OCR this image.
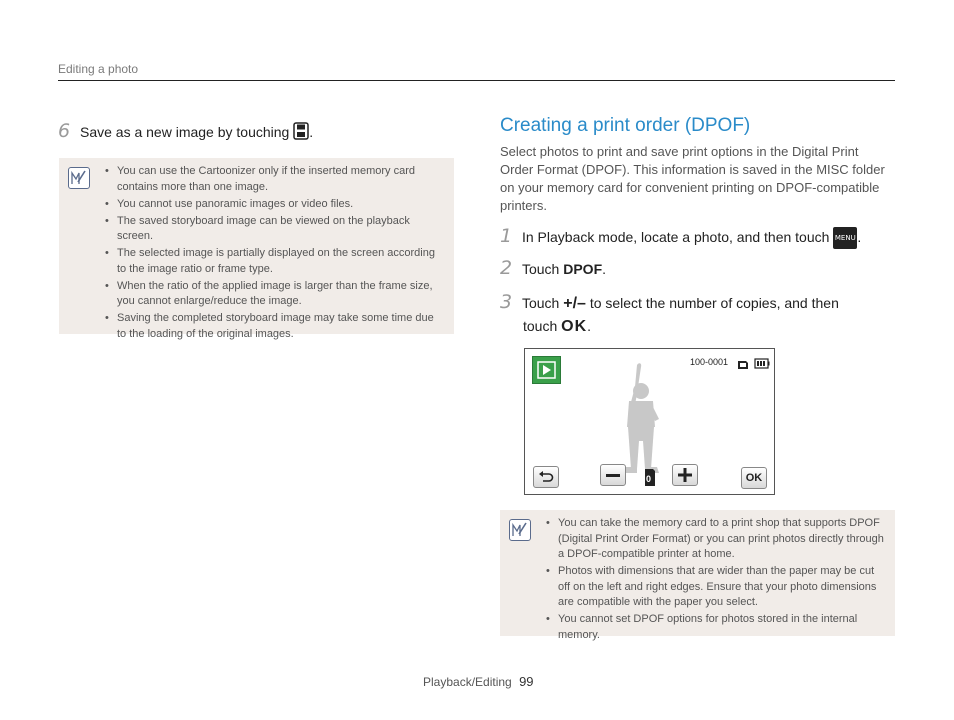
Editing a photo
6 Save as a new image by touching .
• You can use the Cartoonizer only if the inserted memory card contains more than one image.
• You cannot use panoramic images or video files.
• The saved storyboard image can be viewed on the playback screen.
• The selected image is partially displayed on the screen according to the image ratio or frame type.
• When the ratio of the applied image is larger than the frame size, you cannot enlarge/reduce the image.
• Saving the completed storyboard image may take some time due to the loading of the original images.
Creating a print order (DPOF)
Select photos to print and save print options in the Digital Print Order Format (DPOF). This information is saved in the MISC folder on your memory card for convenient printing on DPOF-compatible printers.
1 In Playback mode, locate a photo, and then touch MENU .
2 Touch DPOF.
3 Touch +/– to select the number of copies, and then
touch OK.
100-0001
0	OK
• You can take the memory card to a print shop that supports DPOF (Digital Print Order Format) or you can print photos directly through a DPOF-compatible printer at home.
• Photos with dimensions that are wider than the paper may be cut off on the left and right edges. Ensure that your photo dimensions are compatible with the paper you select.
• You cannot set DPOF options for photos stored in the internal memory.
Playback/Editing 99
